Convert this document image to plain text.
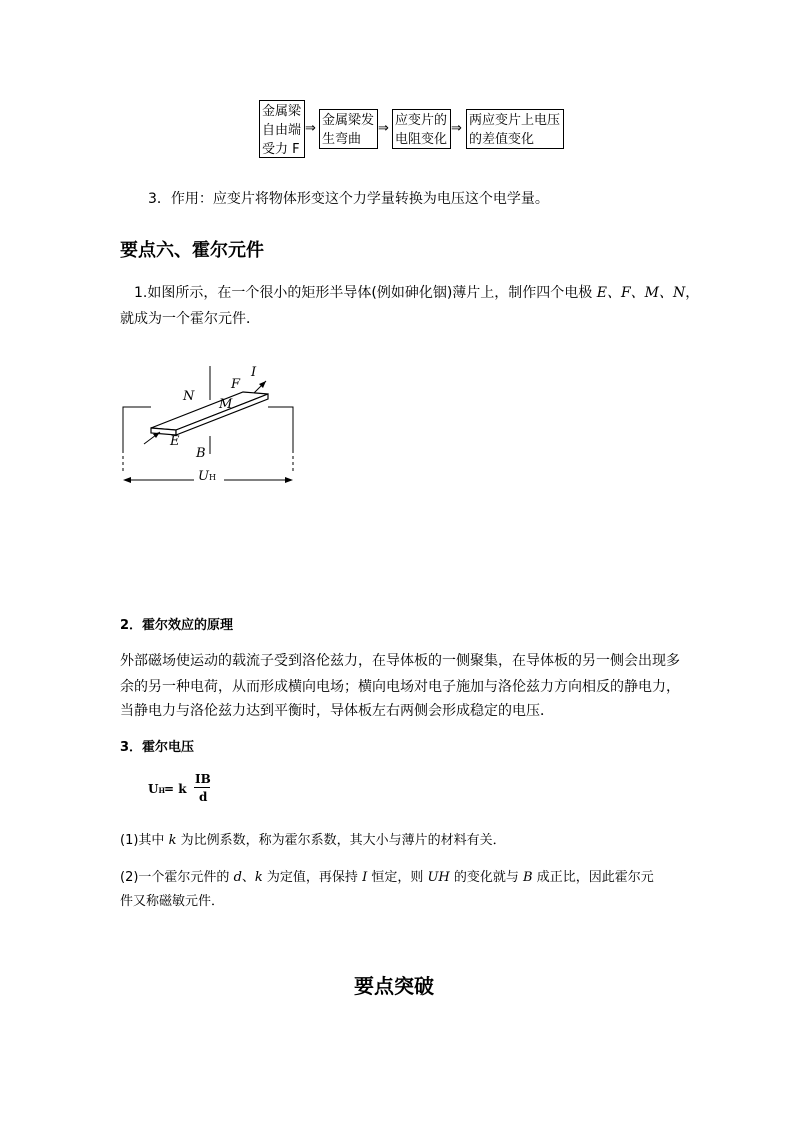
金属梁
自由端
受力 F
⇒
金属梁发
生弯曲
⇒
应变片的
电阻变化
⇒
两应变片上电压
的差值变化
3．作用：应变片将物体形变这个力学量转换为电压这个电学量。
要点六、霍尔元件
1.如图所示，在一个很小的矩形半导体(例如砷化铟)薄片上，制作四个电极 E、F、M、N，
就成为一个霍尔元件．
N
M
F
I
E
B
UH
2．霍尔效应的原理
外部磁场使运动的载流子受到洛伦兹力，在导体板的一侧聚集，在导体板的另一侧会出现多
余的另一种电荷，从而形成横向电场；横向电场对电子施加与洛伦兹力方向相反的静电力，
当静电力与洛伦兹力达到平衡时，导体板左右两侧会形成稳定的电压．
3．霍尔电压
UH
= k
IB
d
(1)其中 k 为比例系数，称为霍尔系数，其大小与薄片的材料有关．
(2)一个霍尔元件的 d、k 为定值，再保持 I 恒定，则 UH 的变化就与 B 成正比，因此霍尔元
件又称磁敏元件．
要点突破
